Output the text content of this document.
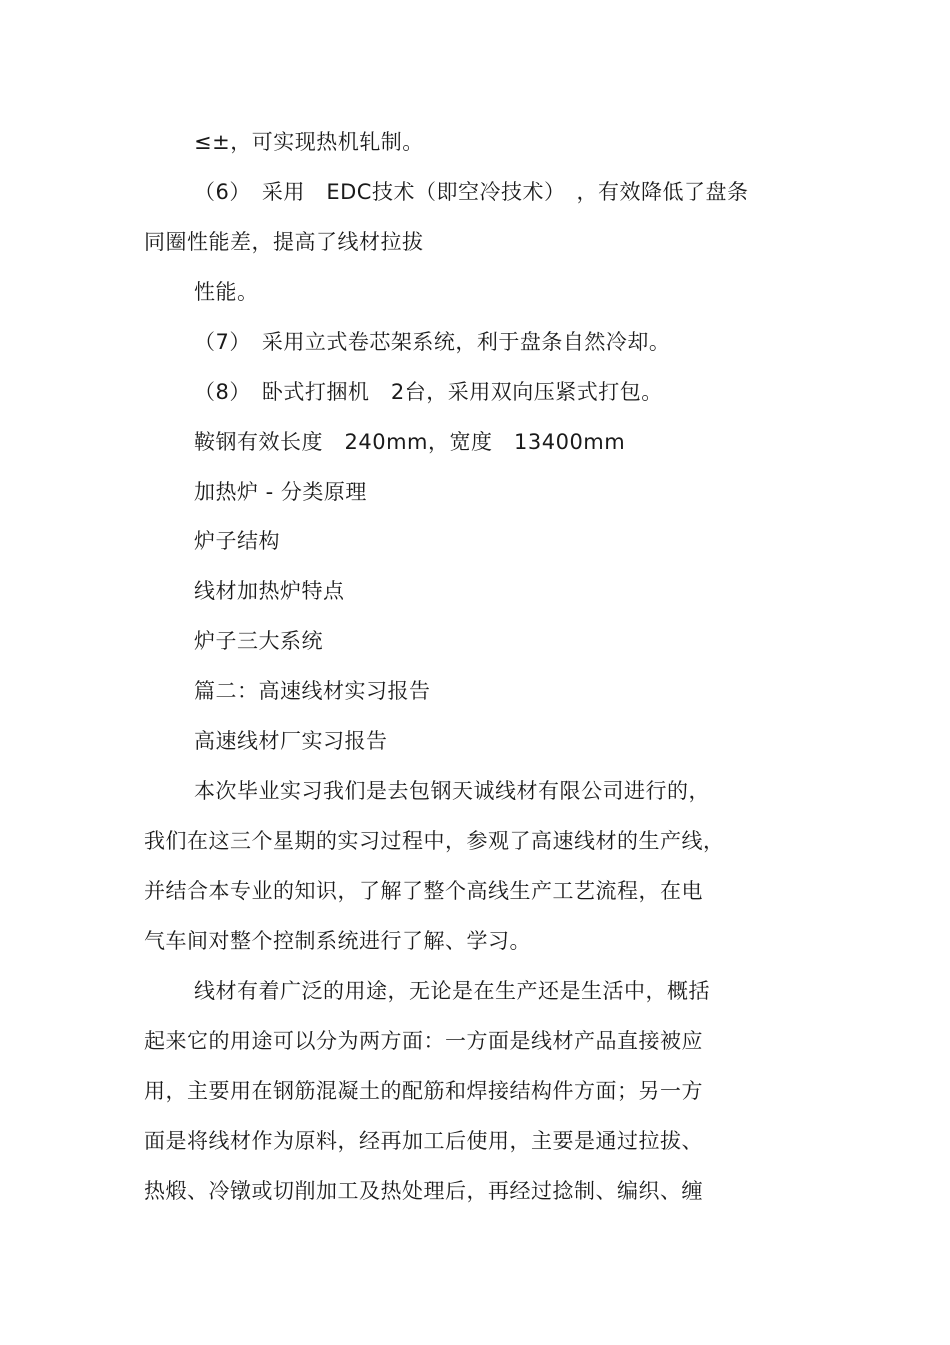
≤±，可实现热机轧制。
（6）　采用　EDC技术（即空冷技术）　，有效降低了盘条
同圈性能差，提高了线材拉拔
性能。
（7）　采用立式卷芯架系统，利于盘条自然冷却。
（8）　卧式打捆机　2台，采用双向压紧式打包。
鞍钢有效长度　240mm，宽度　13400mm
加热炉 - 分类原理
炉子结构
线材加热炉特点
炉子三大系统
篇二：高速线材实习报告
高速线材厂实习报告
本次毕业实习我们是去包钢天诚线材有限公司进行的，
我们在这三个星期的实习过程中，参观了高速线材的生产线，
并结合本专业的知识，了解了整个高线生产工艺流程，在电
气车间对整个控制系统进行了解、学习。
线材有着广泛的用途，无论是在生产还是生活中，概括
起来它的用途可以分为两方面：一方面是线材产品直接被应
用，主要用在钢筋混凝土的配筋和焊接结构件方面；另一方
面是将线材作为原料，经再加工后使用，主要是通过拉拔、
热煅、冷镦或切削加工及热处理后，再经过捻制、编织、缠
